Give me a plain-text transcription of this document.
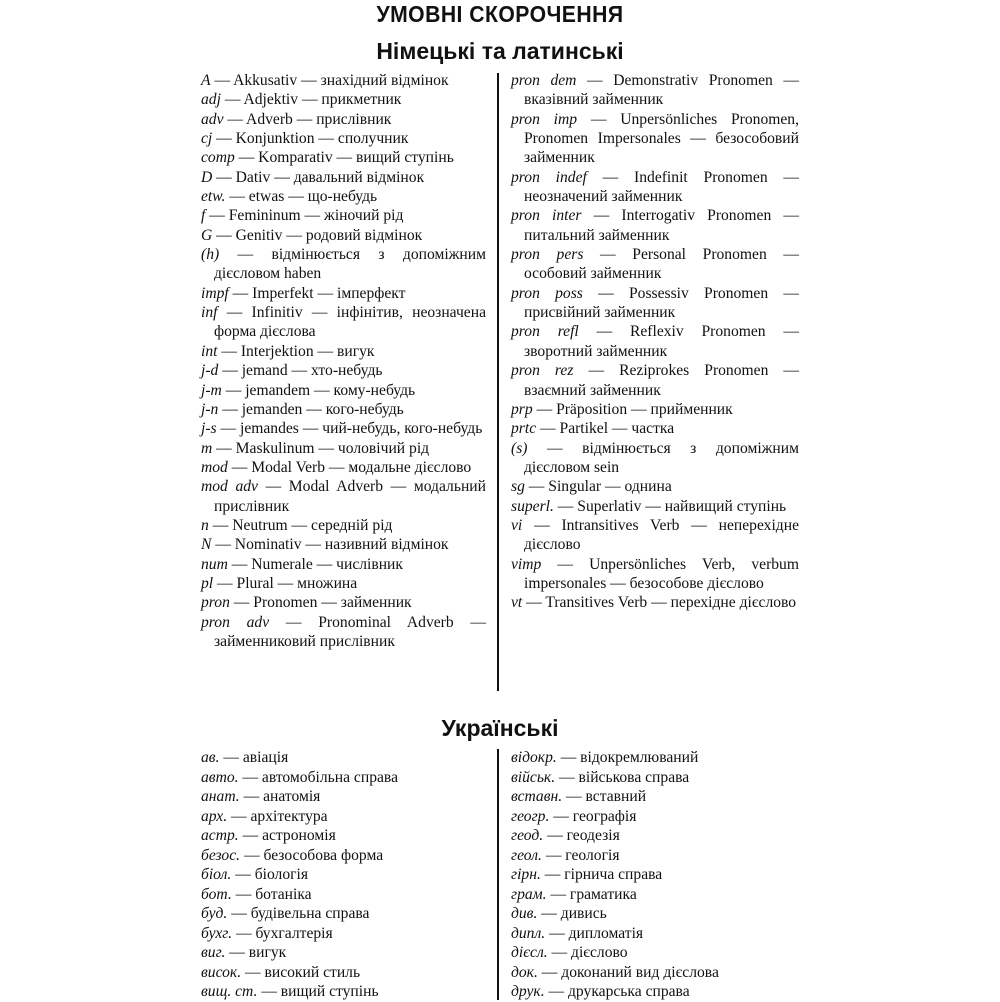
УМОВНІ СКОРОЧЕННЯ
Німецькі та латинські
A — Akkusativ — знахідний відмінок
adj — Adjektiv — прикметник
adv — Adverb — прислівник
cj — Konjunktion — сполучник
comp — Komparativ — вищий ступінь
D — Dativ — давальний відмінок
etw. — etwas — що-небудь
f — Femininum — жіночий рід
G — Genitiv — родовий відмінок
(h) — відмінюється з допоміжним дієсловом haben
impf — Imperfekt — імперфект
inf — Infinitiv — інфінітив, неозначена форма дієслова
int — Interjektion — вигук
j-d — jemand — хто-небудь
j-m — jemandem — кому-небудь
j-n — jemanden — кого-небудь
j-s — jemandes — чий-небудь, кого-небудь
m — Maskulinum — чоловічий рід
mod — Modal Verb — модальне дієслово
mod adv — Modal Adverb — модальний прислівник
n — Neutrum — середній рід
N — Nominativ — називний відмінок
num — Numerale — числівник
pl — Plural — множина
pron — Pronomen — займенник
pron adv — Pronominal Adverb — займенниковий прислівник
pron dem — Demonstrativ Pronomen — вказівний займенник
pron imp — Unpersönliches Pronomen, Pronomen Impersonales — безособовий займенник
pron indef — Indefinit Pronomen — неозначений займенник
pron inter — Interrogativ Pronomen — питальний займенник
pron pers — Personal Pronomen — особовий займенник
pron poss — Possessiv Pronomen — присвійний займенник
pron refl — Reflexiv Pronomen — зворотний займенник
pron rez — Reziprokes Pronomen — взаємний займенник
prp — Präposition — прийменник
prtc — Partikel — частка
(s) — відмінюється з допоміжним дієсловом sein
sg — Singular — однина
superl. — Superlativ — найвищий ступінь
vi — Intransitives Verb — неперехідне дієслово
vimp — Unpersönliches Verb, verbum impersonales — безособове дієслово
vt — Transitives Verb — перехідне дієслово
Українські
ав. — авіація
авто. — автомобільна справа
анат. — анатомія
арх. — архітектура
астр. — астрономія
безос. — безособова форма
біол. — біологія
бот. — ботаніка
буд. — будівельна справа
бухг. — бухгалтерія
виг. — вигук
висок. — високий стиль
вищ. ст. — вищий ступінь
відокр. — відокремлюваний
військ. — військова справа
вставн. — вставний
геогр. — географія
геод. — геодезія
геол. — геологія
гірн. — гірнича справа
грам. — граматика
див. — дивись
дипл. — дипломатія
дієсл. — дієслово
док. — доконаний вид дієслова
друк. — друкарська справа
